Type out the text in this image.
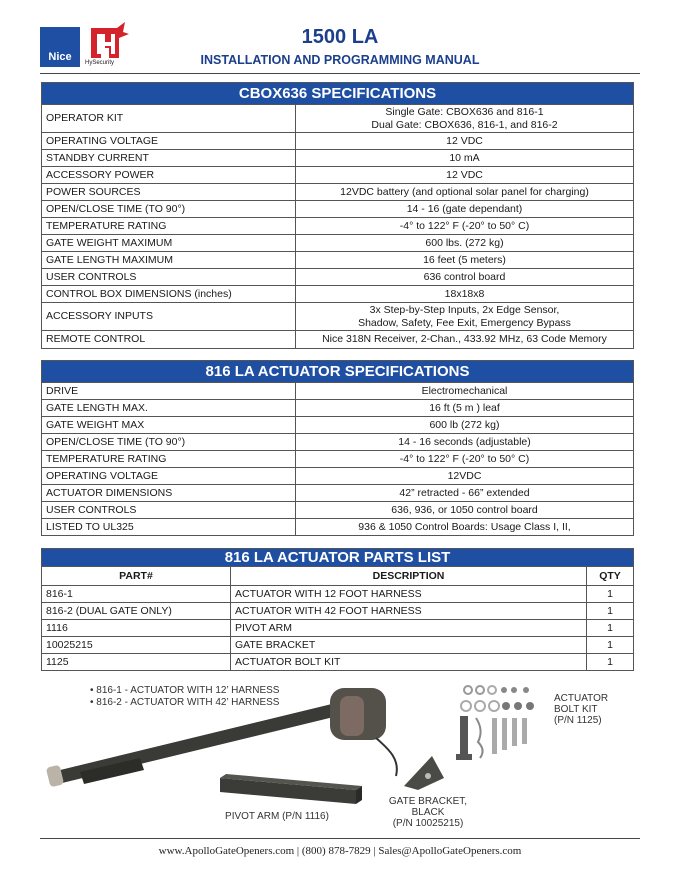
Nice	HySecurity
1500 LA
INSTALLATION AND PROGRAMMING MANUAL
CBOX636 SPECIFICATIONS	
OPERATOR KIT	Single Gate: CBOX636 and 816-1
Dual Gate: CBOX636, 816-1, and 816-2
OPERATING VOLTAGE	12 VDC
STANDBY CURRENT	10 mA
ACCESSORY POWER	12 VDC
POWER SOURCES	12VDC battery (and optional solar panel for charging)
OPEN/CLOSE TIME (TO 90°)	14 - 16 (gate dependant)
TEMPERATURE RATING	-4° to 122° F (-20° to 50° C)
GATE WEIGHT MAXIMUM	600 lbs. (272 kg)
GATE LENGTH MAXIMUM	16 feet (5 meters)
USER CONTROLS	636 control board
CONTROL BOX DIMENSIONS (inches)	18x18x8
ACCESSORY INPUTS	3x Step-by-Step Inputs, 2x Edge Sensor,
Shadow, Safety, Fee Exit, Emergency Bypass
REMOTE CONTROL	Nice 318N Receiver, 2-Chan., 433.92 MHz, 63 Code Memory
816 LA ACTUATOR SPECIFICATIONS	
DRIVE	Electromechanical
GATE LENGTH MAX.	16 ft (5 m ) leaf
GATE WEIGHT MAX	600 lb (272 kg)
OPEN/CLOSE TIME (TO 90°)	14 - 16 seconds (adjustable)
TEMPERATURE RATING	-4° to 122° F (-20° to 50° C)
OPERATING VOLTAGE	12VDC
ACTUATOR DIMENSIONS	42” retracted - 66” extended
USER CONTROLS	636, 936, or 1050 control board
LISTED TO UL325	936 & 1050 Control Boards: Usage Class I, II,
816 LA ACTUATOR PARTS LIST		
PART#	DESCRIPTION	QTY
816-1	ACTUATOR WITH 12 FOOT HARNESS	1
816-2 (DUAL GATE ONLY)	ACTUATOR WITH 42 FOOT HARNESS	1
1116	PIVOT ARM	1
10025215	GATE BRACKET	1
1125	ACTUATOR BOLT KIT	1
• 816-1 - ACTUATOR WITH 12’ HARNESS
• 816-2 - ACTUATOR WITH 42’ HARNESS	ACTUATOR
BOLT KIT
(P/N 1125)
PIVOT ARM (P/N 1116)
GATE BRACKET,
BLACK
(P/N 10025215)
www.ApolloGateOpeners.com | (800) 878-7829 | Sales@ApolloGateOpeners.com
